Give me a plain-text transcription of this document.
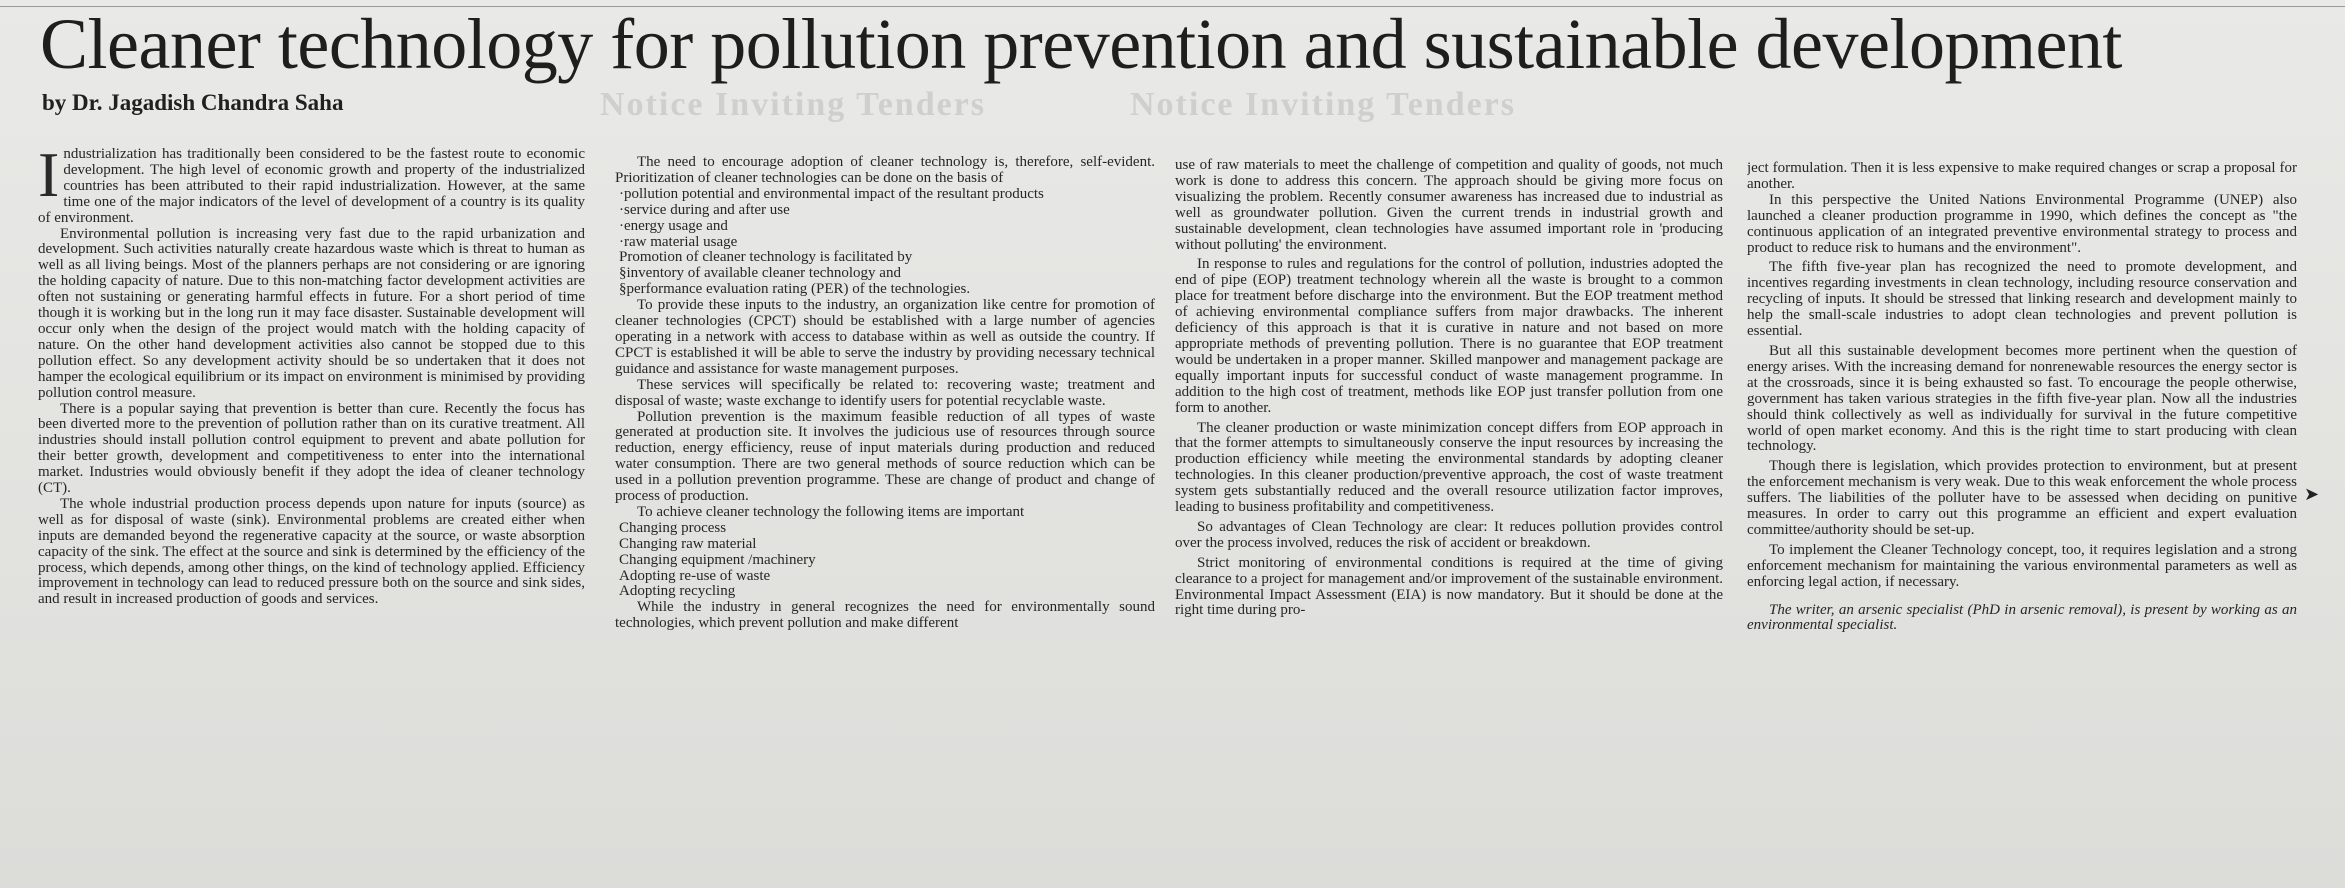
Notice Inviting Tenders	Notice Inviting Tenders
Cleaner technology for pollution prevention and sustainable development
by Dr. Jagadish Chandra Saha

Industrialization has traditionally been considered to be the fastest route to economic development. The high level of economic growth and property of the industrialized countries has been attributed to their rapid industrialization. However, at the same time one of the major indicators of the level of development of a country is its quality of environment.

Environmental pollution is increasing very fast due to the rapid urbanization and development. Such activities naturally create hazardous waste which is threat to human as well as all living beings. Most of the planners perhaps are not considering or are ignoring the holding capacity of nature. Due to this non-matching factor development activities are often not sustaining or generating harmful effects in future. For a short period of time though it is working but in the long run it may face disaster. Sustainable development will occur only when the design of the project would match with the holding capacity of nature. On the other hand development activities also cannot be stopped due to this pollution effect. So any development activity should be so undertaken that it does not hamper the ecological equilibrium or its impact on environment is minimised by providing pollution control measure.

There is a popular saying that prevention is better than cure. Recently the focus has been diverted more to the prevention of pollution rather than on its curative treatment. All industries should install pollution control equipment to prevent and abate pollution for their better growth, development and competitiveness to enter into the international market. Industries would obviously benefit if they adopt the idea of cleaner technology (CT).

The whole industrial production process depends upon nature for inputs (source) as well as for disposal of waste (sink). Environmental problems are created either when inputs are demanded beyond the regenerative capacity at the source, or waste absorption capacity of the sink. The effect at the source and sink is determined by the efficiency of the process, which depends, among other things, on the kind of technology applied. Efficiency improvement in technology can lead to reduced pressure both on the source and sink sides, and result in increased production of goods and services.

The need to encourage adoption of cleaner technology is, therefore, self-evident. Prioritization of cleaner technologies can be done on the basis of

·pollution potential and environmental impact of the resultant products

·service during and after use

·energy usage and

·raw material usage

Promotion of cleaner technology is facilitated by

§inventory of available cleaner technology and

§performance evaluation rating (PER) of the technologies.

To provide these inputs to the industry, an organization like centre for promotion of cleaner technologies (CPCT) should be established with a large number of agencies operating in a network with access to database within as well as outside the country. If CPCT is established it will be able to serve the industry by providing necessary technical guidance and assistance for waste management purposes.

These services will specifically be related to: recovering waste; treatment and disposal of waste; waste exchange to identify users for potential recyclable waste.

Pollution prevention is the maximum feasible reduction of all types of waste generated at production site. It involves the judicious use of resources through source reduction, energy efficiency, reuse of input materials during production and reduced water consumption. There are two general methods of source reduction which can be used in a pollution prevention programme. These are change of product and change of process of production.

To achieve cleaner technology the following items are important

Changing process

Changing raw material

Changing equipment /machinery

Adopting re-use of waste

Adopting recycling

While the industry in general recognizes the need for environmentally sound technologies, which prevent pollution and make different

use of raw materials to meet the challenge of competition and quality of goods, not much work is done to address this concern. The approach should be giving more focus on visualizing the problem. Recently consumer awareness has increased due to industrial as well as groundwater pollution. Given the current trends in industrial growth and sustainable development, clean technologies have assumed important role in 'producing without polluting' the environment.

In response to rules and regulations for the control of pollution, industries adopted the end of pipe (EOP) treatment technology wherein all the waste is brought to a common place for treatment before discharge into the environment. But the EOP treatment method of achieving environmental compliance suffers from major drawbacks. The inherent deficiency of this approach is that it is curative in nature and not based on more appropriate methods of preventing pollution. There is no guarantee that EOP treatment would be undertaken in a proper manner. Skilled manpower and management package are equally important inputs for successful conduct of waste management programme. In addition to the high cost of treatment, methods like EOP just transfer pollution from one form to another.

The cleaner production or waste minimization concept differs from EOP approach in that the former attempts to simultaneously conserve the input resources by increasing the production efficiency while meeting the environmental standards by adopting cleaner technologies. In this cleaner production/preventive approach, the cost of waste treatment system gets substantially reduced and the overall resource utilization factor improves, leading to business profitability and competitiveness.

So advantages of Clean Technology are clear: It reduces pollution provides control over the process involved, reduces the risk of accident or breakdown.

Strict monitoring of environmental conditions is required at the time of giving clearance to a project for management and/or improvement of the sustainable environment. Environmental Impact Assessment (EIA) is now mandatory. But it should be done at the right time during pro-

ject formulation. Then it is less expensive to make required changes or scrap a proposal for another.

In this perspective the United Nations Environmental Programme (UNEP) also launched a cleaner production programme in 1990, which defines the concept as "the continuous application of an integrated preventive environmental strategy to process and product to reduce risk to humans and the environment".

The fifth five-year plan has recognized the need to promote development, and incentives regarding investments in clean technology, including resource conservation and recycling of inputs. It should be stressed that linking research and development mainly to help the small-scale industries to adopt clean technologies and prevent pollution is essential.

But all this sustainable development becomes more pertinent when the question of energy arises. With the increasing demand for nonrenewable resources the energy sector is at the crossroads, since it is being exhausted so fast. To encourage the people otherwise, government has taken various strategies in the fifth five-year plan. Now all the industries should think collectively as well as individually for survival in the future competitive world of open market economy. And this is the right time to start producing with clean technology.

Though there is legislation, which provides protection to environment, but at present the enforcement mechanism is very weak. Due to this weak enforcement the whole process suffers. The liabilities of the polluter have to be assessed when deciding on punitive measures. In order to carry out this programme an efficient and expert evaluation committee/authority should be set-up.

To implement the Cleaner Technology concept, too, it requires legislation and a strong enforcement mechanism for maintaining the various environmental parameters as well as enforcing legal action, if necessary.

The writer, an arsenic specialist (PhD in arsenic removal), is present by working as an environmental specialist.

➤
